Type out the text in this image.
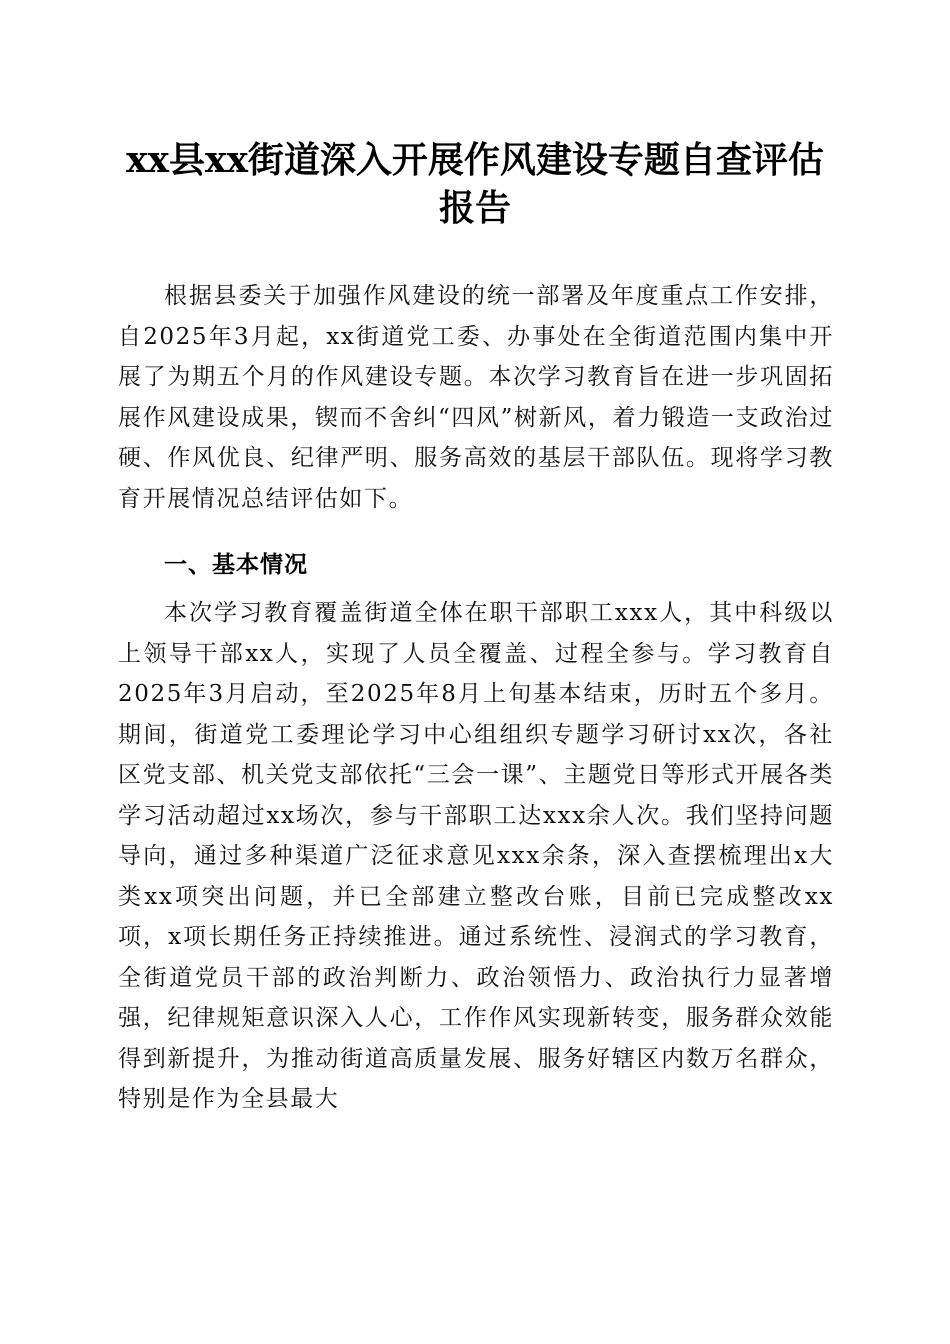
xx县xx街道深入开展作风建设专题自查评估
报告

根据县委关于加强作风建设的统一部署及年度重点工作安排，自2025年3月起，xx街道党工委、办事处在全街道范围内集中开展了为期五个月的作风建设专题。本次学习教育旨在进一步巩固拓展作风建设成果，锲而不舍纠“四风”树新风，着力锻造一支政治过硬、作风优良、纪律严明、服务高效的基层干部队伍。现将学习教育开展情况总结评估如下。

一、基本情况

本次学习教育覆盖街道全体在职干部职工xxx人，其中科级以上领导干部xx人，实现了人员全覆盖、过程全参与。学习教育自2025年3月启动，至2025年8月上旬基本结束，历时五个多月。期间，街道党工委理论学习中心组组织专题学习研讨xx次，各社区党支部、机关党支部依托“三会一课”、主题党日等形式开展各类学习活动超过xx场次，参与干部职工达xxx余人次。我们坚持问题导向，通过多种渠道广泛征求意见xxx余条，深入查摆梳理出x大类xx项突出问题，并已全部建立整改台账，目前已完成整改xx项，x项长期任务正持续推进。通过系统性、浸润式的学习教育，全街道党员干部的政治判断力、政治领悟力、政治执行力显著增强，纪律规矩意识深入人心，工作作风实现新转变，服务群众效能得到新提升，为推动街道高质量发展、服务好辖区内数万名群众，特别是作为全县最大
